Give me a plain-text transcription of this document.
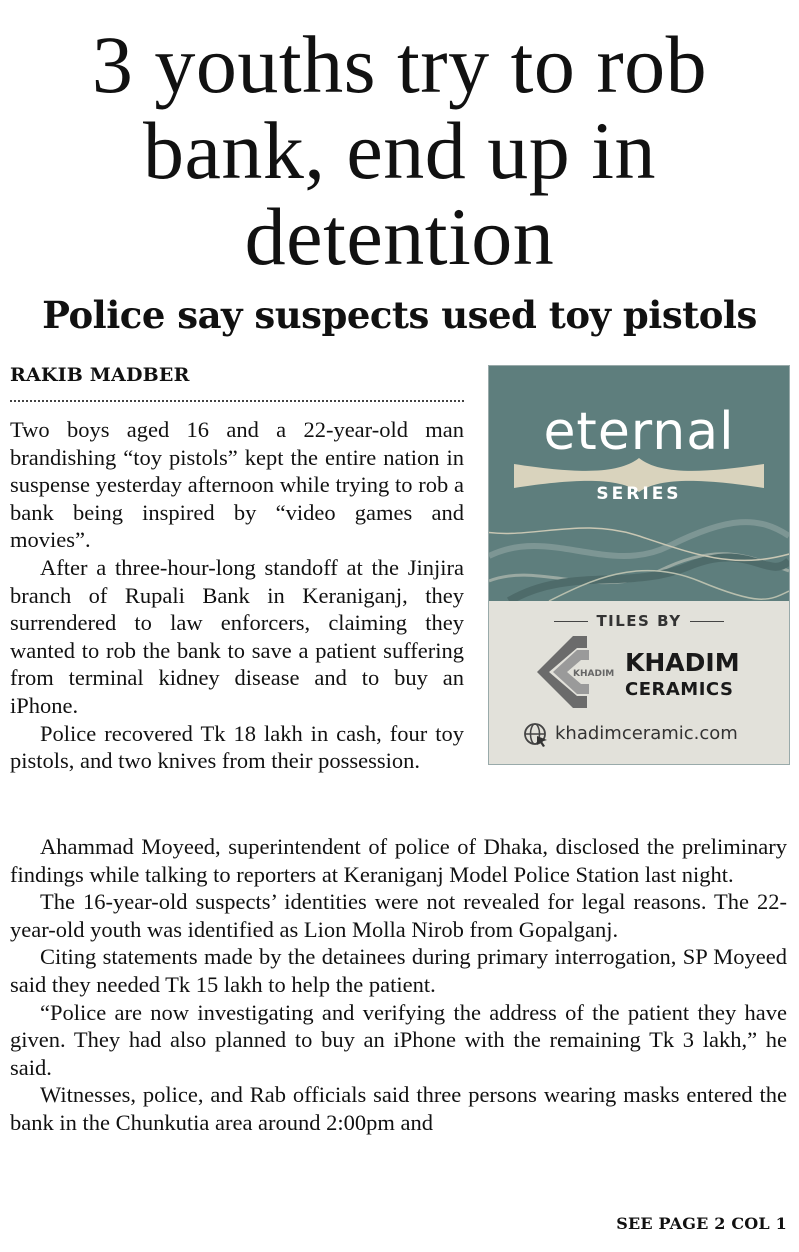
3 youths try to rob bank, end up in detention
Police say suspects used toy pistols
RAKIB MADBER

Two boys aged 16 and a 22-year-old man brandishing “toy pistols” kept the entire nation in suspense yesterday afternoon while trying to rob a bank being inspired by “video games and movies”.

After a three-hour-long standoff at the Jinjira branch of Rupali Bank in Keraniganj, they surrendered to law enforcers, claiming they wanted to rob the bank to save a patient suffering from terminal kidney disease and to buy an iPhone.

Police recovered Tk 18 lakh in cash, four toy pistols, and two knives from their possession.

eternal
SERIES
TILES BY
KHADIM KHADIM
CERAMICS
khadimceramic.com

Ahammad Moyeed, superintendent of police of Dhaka, disclosed the preliminary findings while talking to reporters at Keraniganj Model Police Station last night.

The 16-year-old suspects’ identities were not revealed for legal reasons. The 22-year-old youth was identified as Lion Molla Nirob from Gopalganj.

Citing statements made by the detainees during primary interrogation, SP Moyeed said they needed Tk 15 lakh to help the patient.

“Police are now investigating and verifying the address of the patient they have given. They had also planned to buy an iPhone with the remaining Tk 3 lakh,” he said.

Witnesses, police, and Rab officials said three persons wearing masks entered the bank in the Chunkutia area around 2:00pm and

SEE PAGE 2 COL 1
